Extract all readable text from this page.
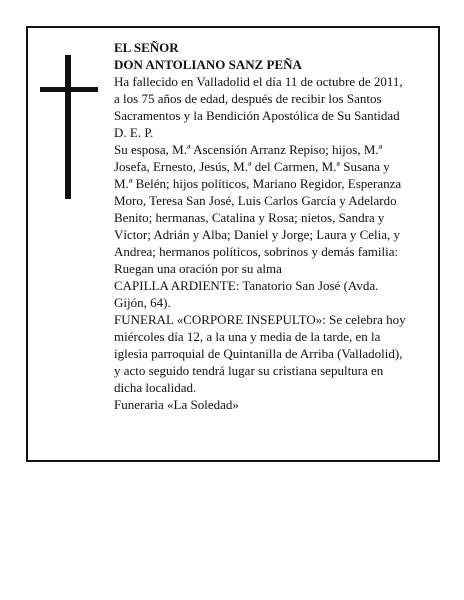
EL SEÑOR
DON ANTOLIANO SANZ PEÑA
Ha fallecido en Valladolid el día 11 de octubre de 2011,
a los 75 años de edad, después de recibir los Santos
Sacramentos y la Bendición Apostólica de Su Santidad
D. E. P.
Su esposa, M.ª Ascensión Arranz Repiso; hijos, M.ª
Josefa, Ernesto, Jesús, M.ª del Carmen, M.ª Susana y
M.ª Belén; hijos políticos, Mariano Regidor, Esperanza
Moro, Teresa San José, Luis Carlos García y Adelardo
Benito; hermanas, Catalina y Rosa; nietos, Sandra y
Víctor; Adrián y Alba; Daniel y Jorge; Laura y Celia, y
Andrea; hermanos políticos, sobrinos y demás familia:
Ruegan una oración por su alma
CAPILLA ARDIENTE: Tanatorio San José (Avda.
Gijón, 64).
FUNERAL «CORPORE INSEPULTO»: Se celebra hoy
miércoles día 12, a la una y media de la tarde, en la
iglesia parroquial de Quintanilla de Arriba (Valladolid),
y acto seguido tendrá lugar su cristiana sepultura en
dicha localidad.
Funeraria «La Soledad»
